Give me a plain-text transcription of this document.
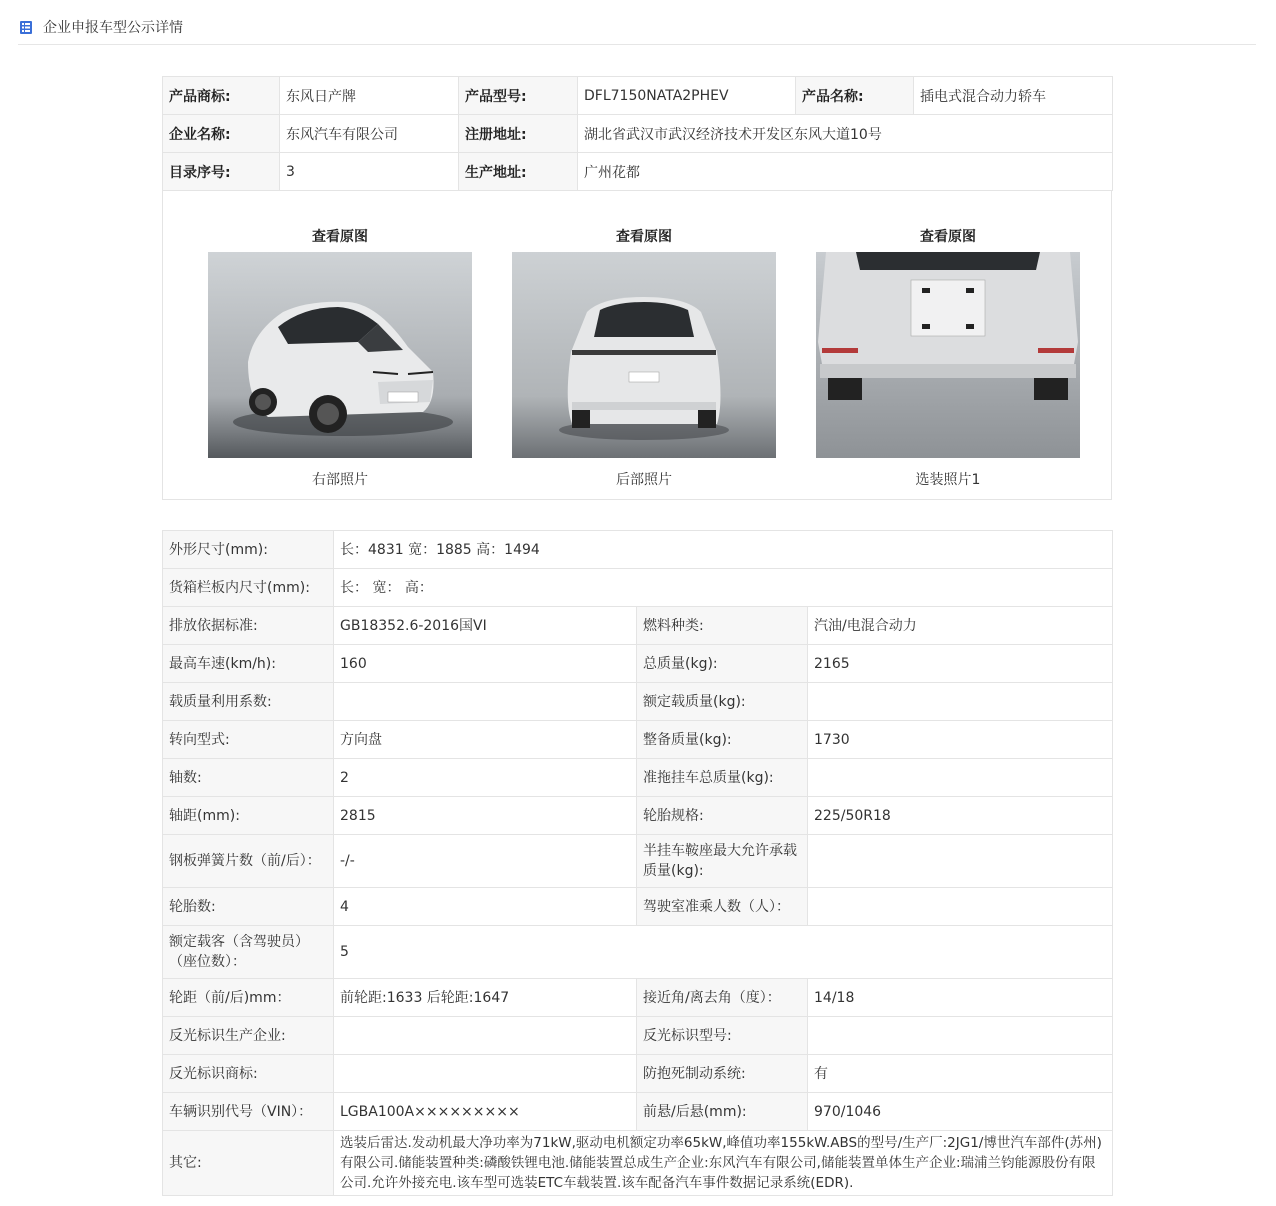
企业申报车型公示详情
产品商标:	东风日产牌	产品型号:	DFL7150NATA2PHEV	产品名称:	插电式混合动力轿车
企业名称:	东风汽车有限公司	注册地址:	湖北省武汉市武汉经济技术开发区东风大道10号		
目录序号:	3	生产地址:	广州花都		
查看原图
右部照片
查看原图
后部照片
查看原图
选装照片1
外形尺寸(mm):	长：4831 宽：1885 高：1494		
货箱栏板内尺寸(mm):	长： 宽： 高：		
排放依据标准:	GB18352.6-2016国VI	燃料种类:	汽油/电混合动力
最高车速(km/h):	160	总质量(kg):	2165
载质量利用系数:		额定载质量(kg):	
转向型式:	方向盘	整备质量(kg):	1730
轴数:	2	准拖挂车总质量(kg):	
轴距(mm):	2815	轮胎规格:	225/50R18
钢板弹簧片数（前/后）：	-/-	半挂车鞍座最大允许承载质量(kg):	
轮胎数:	4	驾驶室准乘人数（人）：	
额定载客（含驾驶员）（座位数）：	5		
轮距（前/后)mm：	前轮距:1633 后轮距:1647	接近角/离去角（度）：	14/18
反光标识生产企业:		反光标识型号:	
反光标识商标:		防抱死制动系统:	有
车辆识别代号（VIN）：	LGBA100A×××××××××	前悬/后悬(mm):	970/1046
其它:	选装后雷达.发动机最大净功率为71kW,驱动电机额定功率65kW,峰值功率155kW.ABS的型号/生产厂:2JG1/博世汽车部件(苏州)有限公司.储能装置种类:磷酸铁锂电池.储能装置总成生产企业:东风汽车有限公司,储能装置单体生产企业:瑞浦兰钧能源股份有限公司.允许外接充电.该车型可选装ETC车载装置.该车配备汽车事件数据记录系统(EDR).		
